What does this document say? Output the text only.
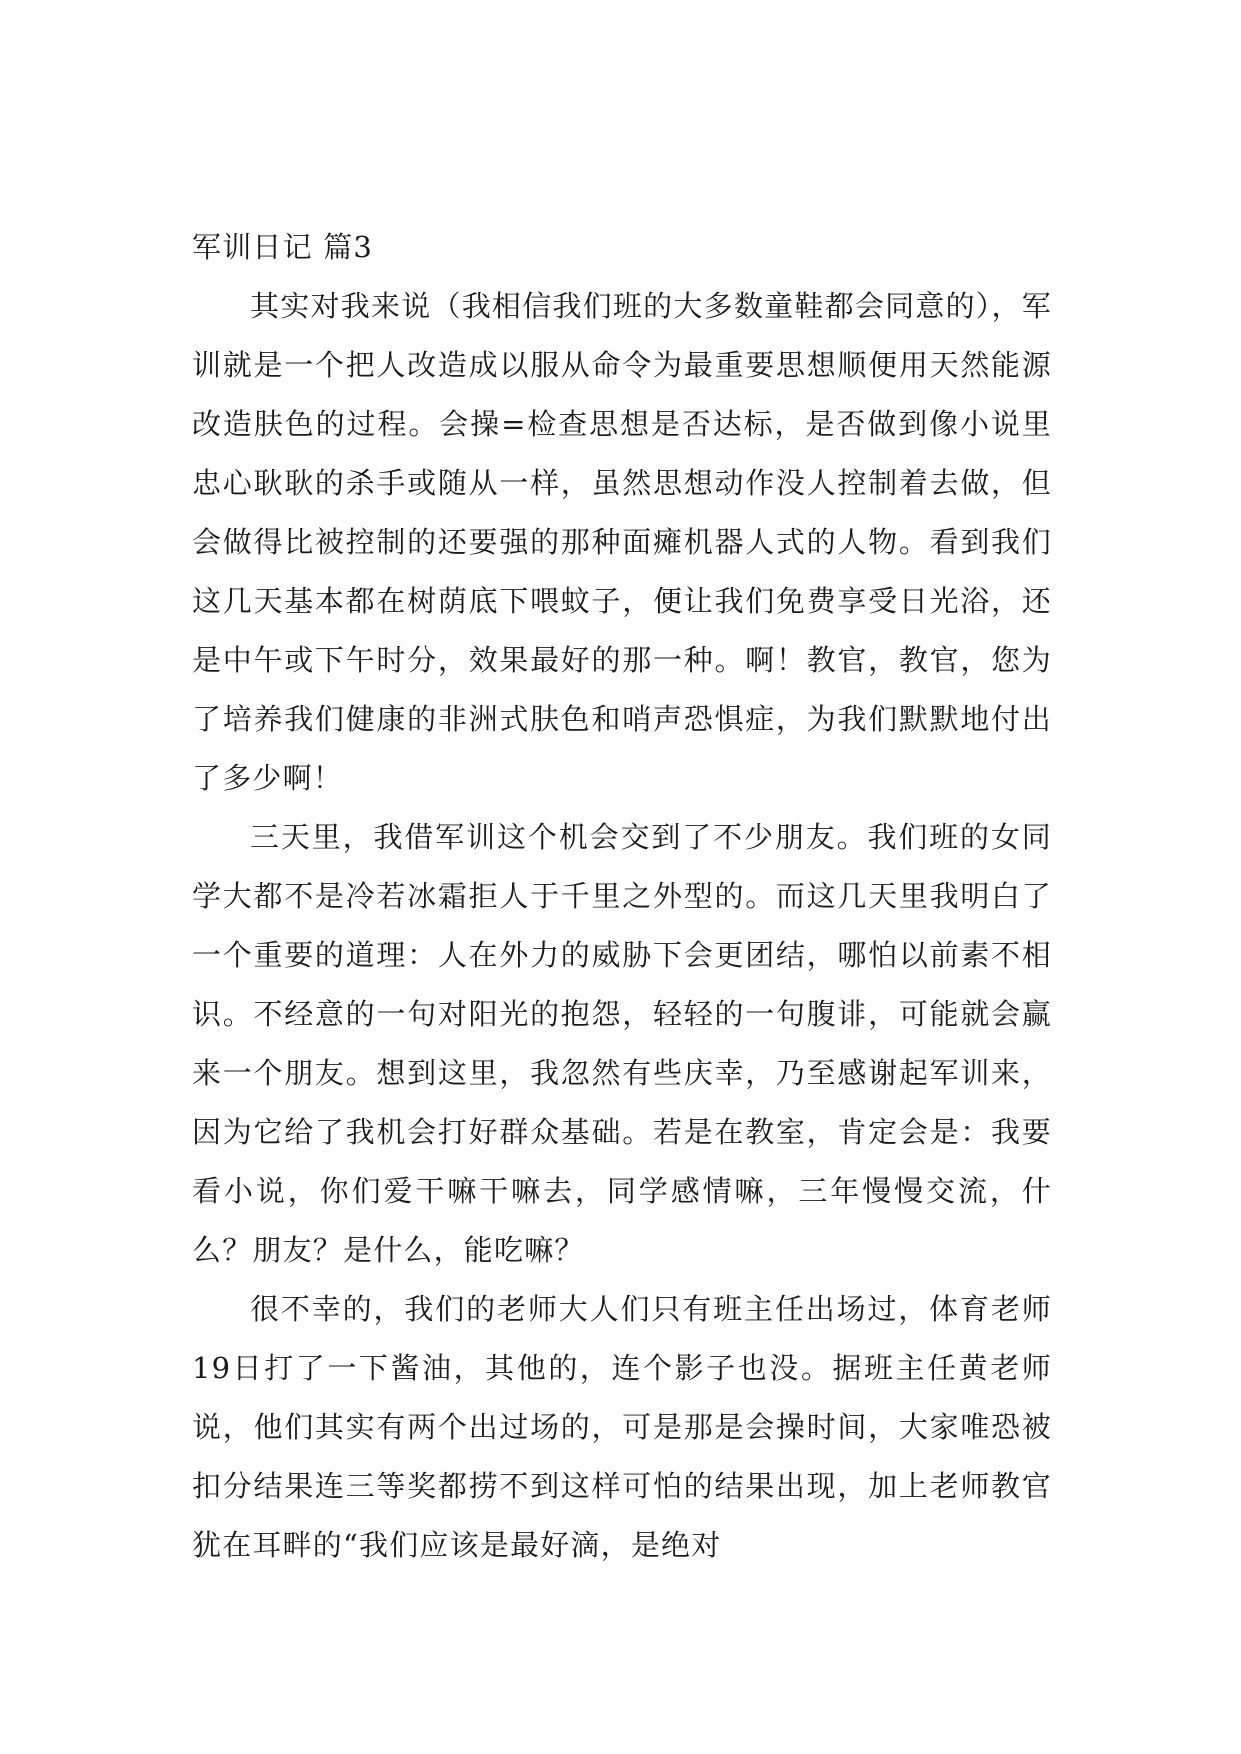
军训日记 篇3

其实对我来说（我相信我们班的大多数童鞋都会同意的），军训就是一个把人改造成以服从命令为最重要思想顺便用天然能源改造肤色的过程。会操=检查思想是否达标，是否做到像小说里忠心耿耿的杀手或随从一样，虽然思想动作没人控制着去做，但会做得比被控制的还要强的那种面瘫机器人式的人物。看到我们这几天基本都在树荫底下喂蚊子，便让我们免费享受日光浴，还是中午或下午时分，效果最好的那一种。啊！教官，教官，您为了培养我们健康的非洲式肤色和哨声恐惧症，为我们默默地付出了多少啊！

三天里，我借军训这个机会交到了不少朋友。我们班的女同学大都不是冷若冰霜拒人于千里之外型的。而这几天里我明白了一个重要的道理：人在外力的威胁下会更团结，哪怕以前素不相识。不经意的一句对阳光的抱怨，轻轻的一句腹诽，可能就会赢来一个朋友。想到这里，我忽然有些庆幸，乃至感谢起军训来，因为它给了我机会打好群众基础。若是在教室，肯定会是：我要看小说，你们爱干嘛干嘛去，同学感情嘛，三年慢慢交流，什么？朋友？是什么，能吃嘛？

很不幸的，我们的老师大人们只有班主任出场过，体育老师19日打了一下酱油，其他的，连个影子也没。据班主任黄老师说，他们其实有两个出过场的，可是那是会操时间，大家唯恐被扣分结果连三等奖都捞不到这样可怕的结果出现，加上老师教官犹在耳畔的“我们应该是最好滴，是绝对
